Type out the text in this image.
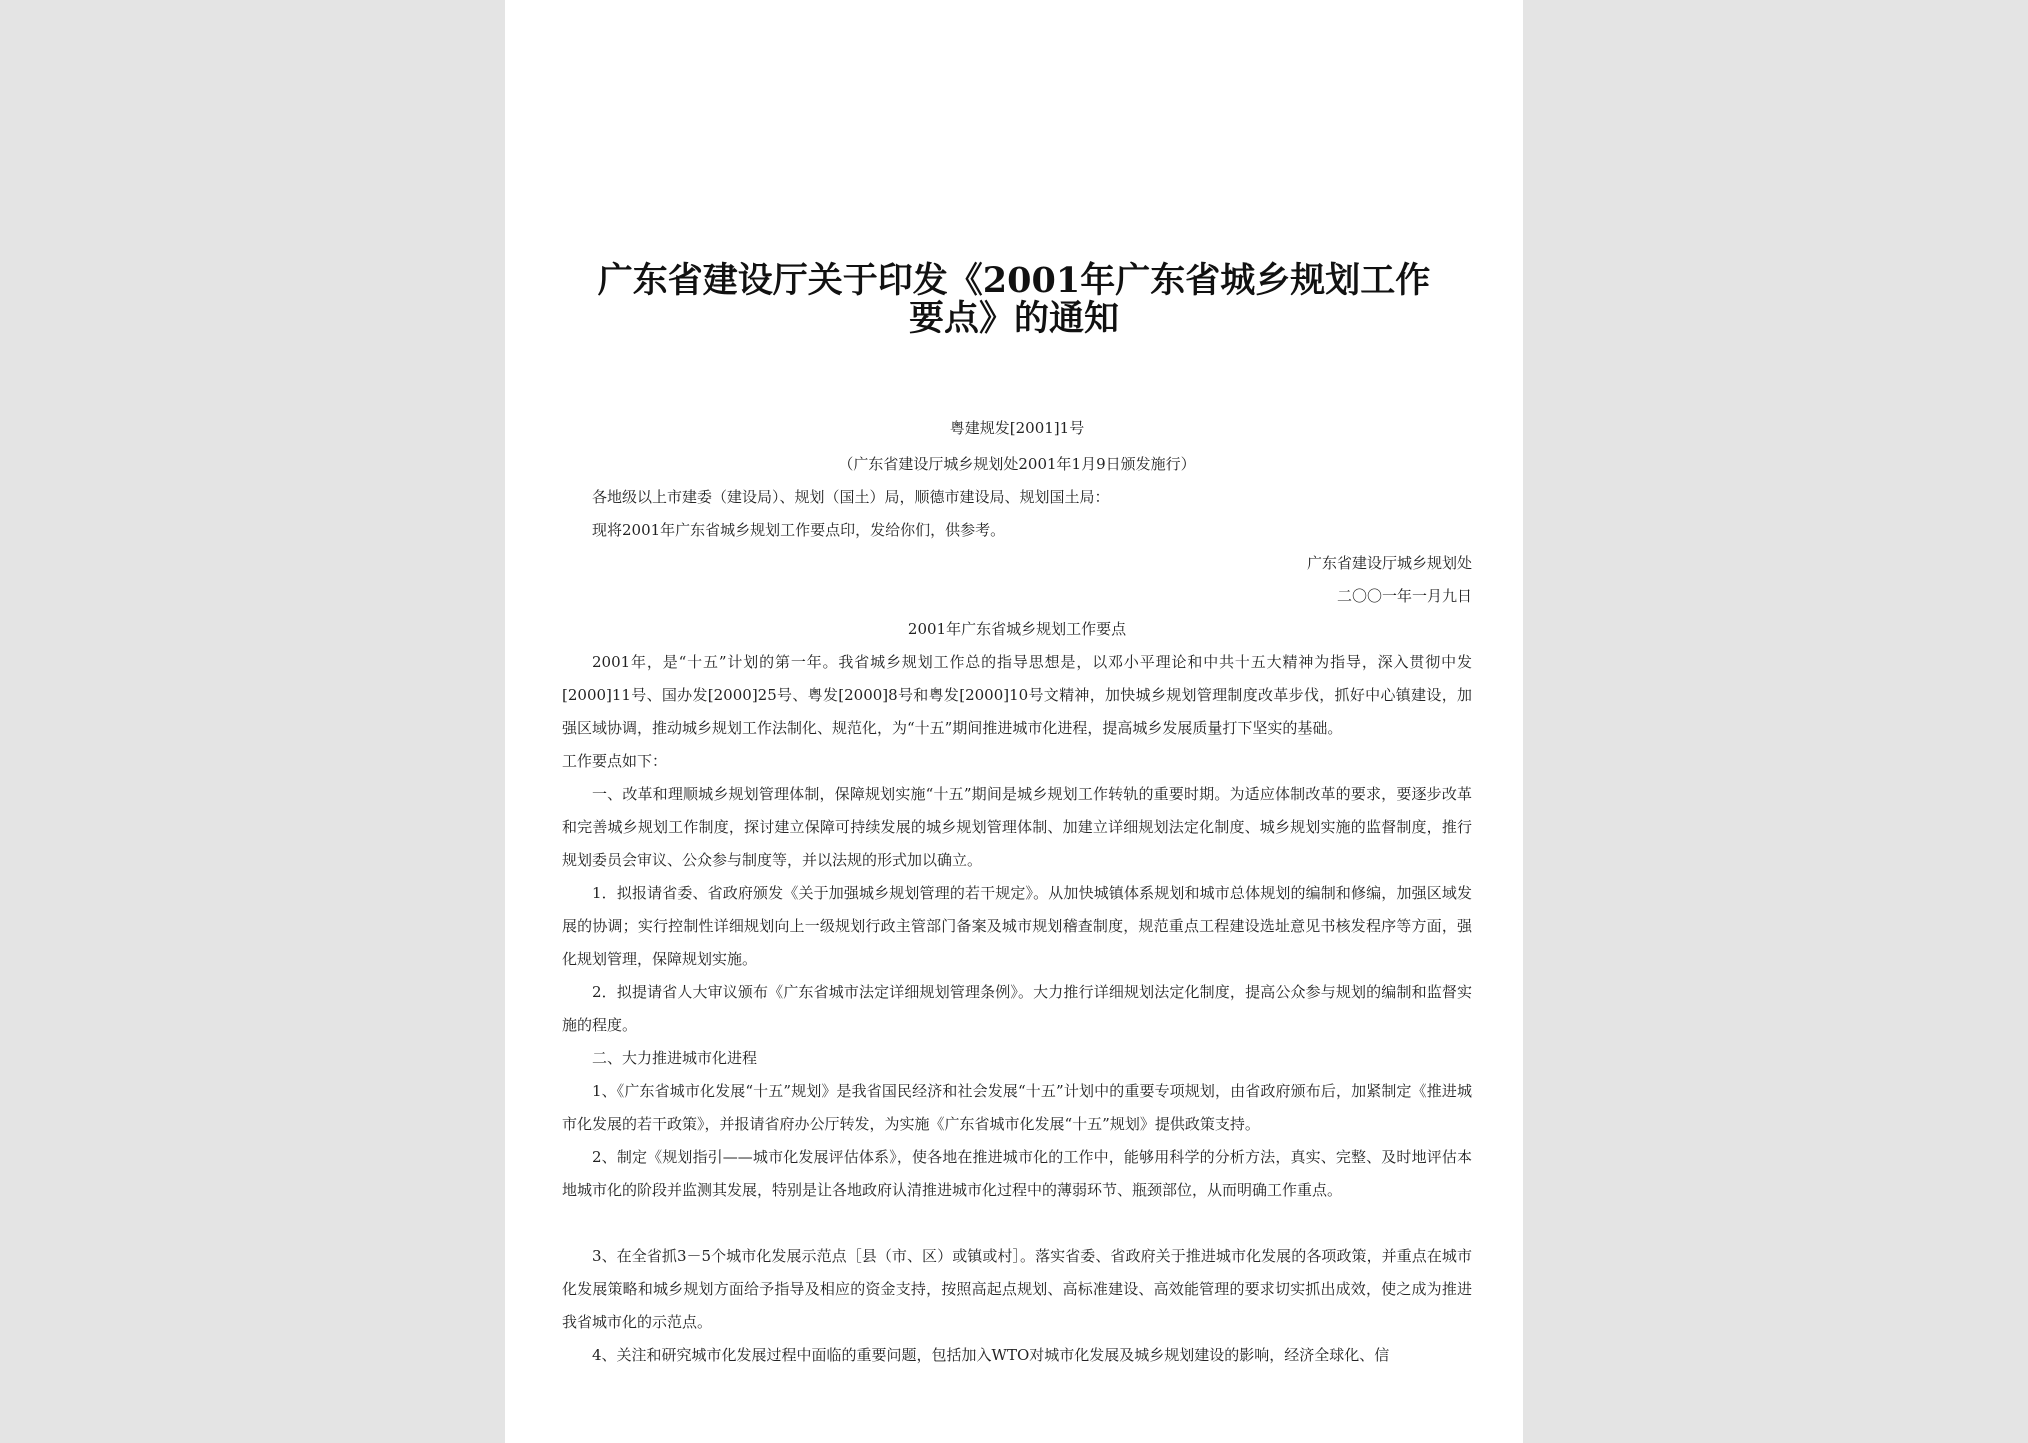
广东省建设厅关于印发《2001年广东省城乡规划工作
要点》的通知
粤建规发[2001]1号
（广东省建设厅城乡规划处2001年1月9日颁发施行）
各地级以上市建委（建设局）、规划（国土）局，顺德市建设局、规划国土局：
现将2001年广东省城乡规划工作要点印，发给你们，供参考。
广东省建设厅城乡规划处
二〇〇一年一月九日
2001年广东省城乡规划工作要点
2001年，是“十五”计划的第一年。我省城乡规划工作总的指导思想是，以邓小平理论和中共十五大精神为指导，深入贯彻中发[2000]11号、国办发[2000]25号、粤发[2000]8号和粤发[2000]10号文精神，加快城乡规划管理制度改革步伐，抓好中心镇建设，加强区域协调，推动城乡规划工作法制化、规范化，为“十五”期间推进城市化进程，提高城乡发展质量打下坚实的基础。
工作要点如下：
一、改革和理顺城乡规划管理体制，保障规划实施“十五”期间是城乡规划工作转轨的重要时期。为适应体制改革的要求，要逐步改革和完善城乡规划工作制度，探讨建立保障可持续发展的城乡规划管理体制、加建立详细规划法定化制度、城乡规划实施的监督制度，推行规划委员会审议、公众参与制度等，并以法规的形式加以确立。
1．拟报请省委、省政府颁发《关于加强城乡规划管理的若干规定》。从加快城镇体系规划和城市总体规划的编制和修编，加强区域发展的协调；实行控制性详细规划向上一级规划行政主管部门备案及城市规划稽查制度，规范重点工程建设选址意见书核发程序等方面，强化规划管理，保障规划实施。
2．拟提请省人大审议颁布《广东省城市法定详细规划管理条例》。大力推行详细规划法定化制度，提高公众参与规划的编制和监督实施的程度。
二、大力推进城市化进程
1、《广东省城市化发展“十五”规划》是我省国民经济和社会发展“十五”计划中的重要专项规划，由省政府颁布后，加紧制定《推进城市化发展的若干政策》，并报请省府办公厅转发，为实施《广东省城市化发展“十五”规划》提供政策支持。
2、制定《规划指引——城市化发展评估体系》，使各地在推进城市化的工作中，能够用科学的分析方法，真实、完整、及时地评估本地城市化的阶段并监测其发展，特别是让各地政府认清推进城市化过程中的薄弱环节、瓶颈部位，从而明确工作重点。
3、在全省抓3－5个城市化发展示范点［县（市、区）或镇或村］。落实省委、省政府关于推进城市化发展的各项政策，并重点在城市化发展策略和城乡规划方面给予指导及相应的资金支持，按照高起点规划、高标准建设、高效能管理的要求切实抓出成效，使之成为推进我省城市化的示范点。
4、关注和研究城市化发展过程中面临的重要问题，包括加入WTO对城市化发展及城乡规划建设的影响，经济全球化、信
